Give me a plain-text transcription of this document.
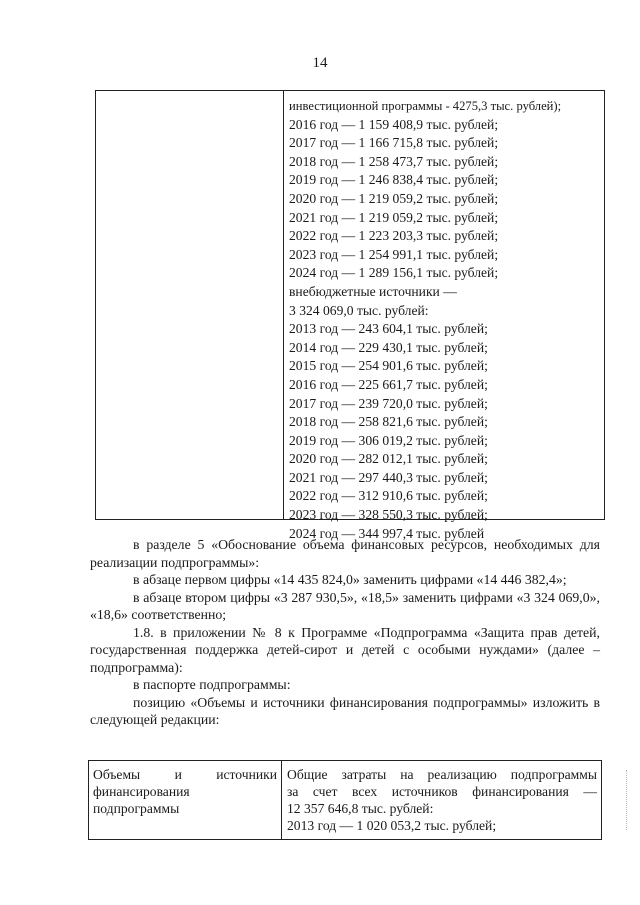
14
инвестиционной программы - 4275,3 тыс. рублей);
2016 год — 1 159 408,9 тыс. рублей;
2017 год — 1 166 715,8 тыс. рублей;
2018 год — 1 258 473,7 тыс. рублей;
2019 год — 1 246 838,4 тыс. рублей;
2020 год — 1 219 059,2 тыс. рублей;
2021 год — 1 219 059,2 тыс. рублей;
2022 год — 1 223 203,3 тыс. рублей;
2023 год — 1 254 991,1 тыс. рублей;
2024 год — 1 289 156,1 тыс. рублей;
внебюджетные источники —
3 324 069,0 тыс. рублей:
2013 год — 243 604,1 тыс. рублей;
2014 год — 229 430,1 тыс. рублей;
2015 год — 254 901,6 тыс. рублей;
2016 год — 225 661,7 тыс. рублей;
2017 год — 239 720,0 тыс. рублей;
2018 год — 258 821,6 тыс. рублей;
2019 год — 306 019,2 тыс. рублей;
2020 год — 282 012,1 тыс. рублей;
2021 год — 297 440,3 тыс. рублей;
2022 год — 312 910,6 тыс. рублей;
2023 год — 328 550,3 тыс. рублей;
2024 год — 344 997,4 тыс. рублей

в разделе 5 «Обоснование объема финансовых ресурсов, необходимых для реализации подпрограммы»:

в абзаце первом цифры «14 435 824,0» заменить цифрами «14 446 382,4»;

в абзаце втором цифры «3 287 930,5», «18,5» заменить цифрами «3 324 069,0», «18,6» соответственно;

1.8. в приложении № 8 к Программе «Подпрограмма «Защита прав детей, государственная поддержка детей-сирот и детей с особыми нуждами» (далее – подпрограмма):

в паспорте подпрограммы:

позицию «Объемы и источники финансирования подпрограммы» изложить в следующей редакции:

Объемы и источники
финансирования
подпрограммы
Общие затраты на реализацию подпрограммы
за счет всех источников финансирования —
12 357 646,8 тыс. рублей:
2013 год — 1 020 053,2 тыс. рублей;
